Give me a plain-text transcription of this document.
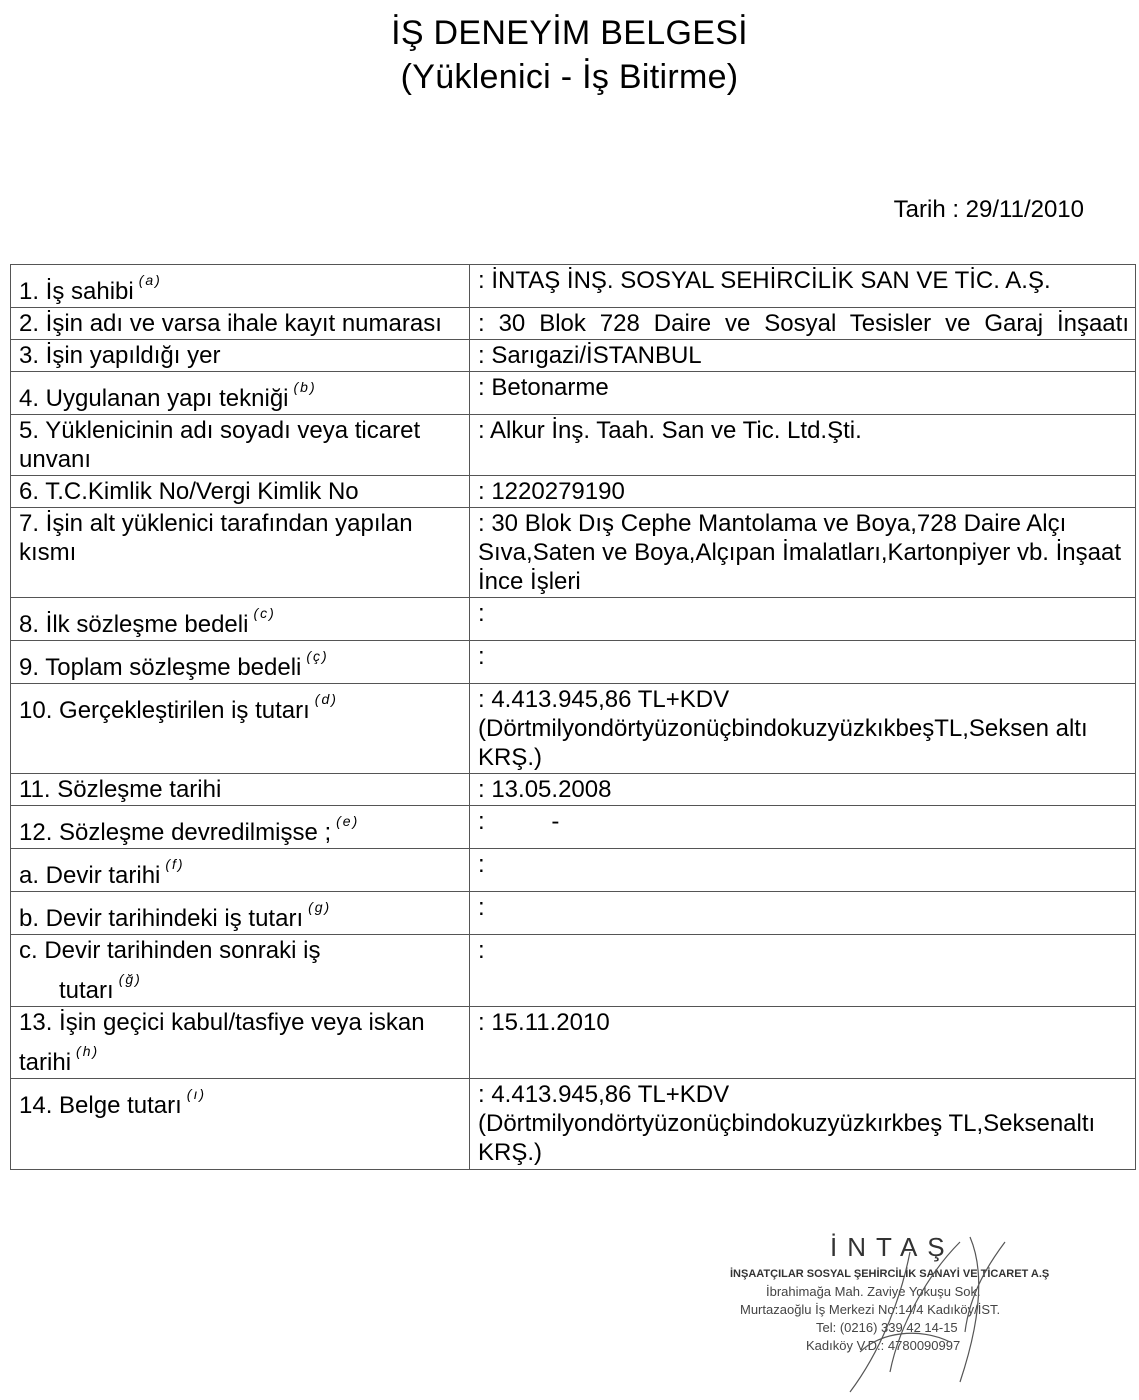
İŞ DENEYİM BELGESİ
(Yüklenici - İş Bitirme)
Tarih : 29/11/2010
1. İş sahibi $^{(a)}$	: İNTAŞ İNŞ. SOSYAL SEHİRCİLİK SAN VE TİC. A.Ş.
2. İşin adı ve varsa ihale kayıt numarası	: 30 Blok 728 Daire ve Sosyal Tesisler ve Garaj İnşaatı
3. İşin yapıldığı yer	: Sarıgazi/İSTANBUL
4. Uygulanan yapı tekniği $^{(b)}$	: Betonarme
5. Yüklenicinin adı soyadı veya ticaret unvanı	: Alkur İnş. Taah. San ve Tic. Ltd.Şti.
6. T.C.Kimlik No/Vergi Kimlik No	: 1220279190
7. İşin alt yüklenici tarafından yapılan kısmı	: 30 Blok Dış Cephe Mantolama ve Boya,728 Daire Alçı Sıva,Saten ve Boya,Alçıpan İmalatları,Kartonpiyer vb. İnşaat İnce İşleri
8. İlk sözleşme bedeli $^{(c)}$	:
9. Toplam sözleşme bedeli $^{(ç)}$	:
10. Gerçekleştirilen iş tutarı $^{(d)}$	: 4.413.945,86 TL+KDV (DörtmilyondörtyüzonüçbindokuzyüzkıkbeşTL,Seksen altı KRŞ.)
11. Sözleşme tarihi	: 13.05.2008
12. Sözleşme devredilmişse ; $^{(e)}$	:          -
a. Devir tarihi $^{(f)}$	:
b. Devir tarihindeki iş tutarı $^{(g)}$	:
c. Devir tarihinden sonraki iş
tutarı $^{(ğ)}$	:
13. İşin geçici kabul/tasfiye veya iskan tarihi $^{(h)}$	: 15.11.2010
14. Belge tutarı $^{(ı)}$	: 4.413.945,86 TL+KDV (Dörtmilyondörtyüzonüçbindokuzyüzkırkbeş TL,Seksenaltı KRŞ.)
İNTAŞ
İNŞAATÇILAR SOSYAL ŞEHİRCİLİK SANAYİ VE TİCARET A.Ş
İbrahimağa Mah. Zaviye Yokuşu Sok.
Murtazaoğlu İş Merkezi No:14/4 Kadıköy/İST.
Tel: (0216) 339 42 14-15
Kadıköy V.D.: 4780090997
